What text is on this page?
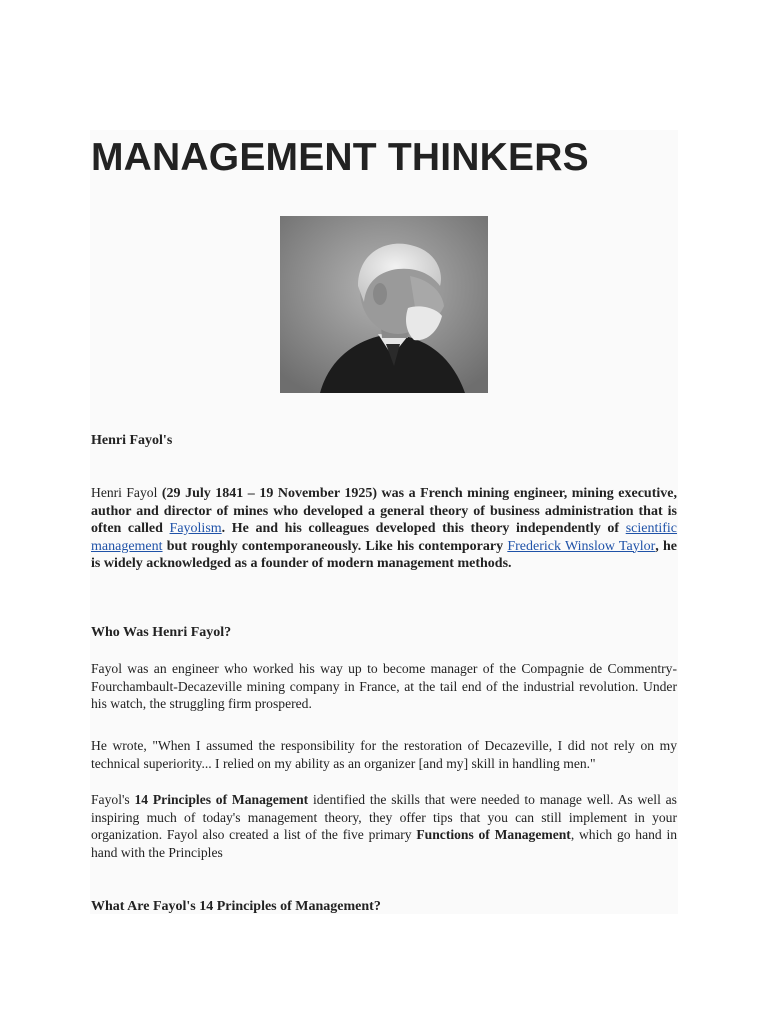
MANAGEMENT THINKERS
Henri Fayol's
Henri Fayol (29 July 1841 – 19 November 1925) was a French mining engineer, mining executive, author and director of mines who developed a general theory of business administration that is often called Fayolism. He and his colleagues developed this theory independently of scientific management but roughly contemporaneously. Like his contemporary Frederick Winslow Taylor, he is widely acknowledged as a founder of modern management methods.
Who Was Henri Fayol?
Fayol was an engineer who worked his way up to become manager of the Compagnie de Commentry-Fourchambault-Decazeville mining company in France, at the tail end of the industrial revolution. Under his watch, the struggling firm prospered.
He wrote, "When I assumed the responsibility for the restoration of Decazeville, I did not rely on my technical superiority... I relied on my ability as an organizer [and my] skill in handling men."
Fayol's 14 Principles of Management identified the skills that were needed to manage well. As well as inspiring much of today's management theory, they offer tips that you can still implement in your organization. Fayol also created a list of the five primary Functions of Management, which go hand in hand with the Principles
What Are Fayol's 14 Principles of Management?
